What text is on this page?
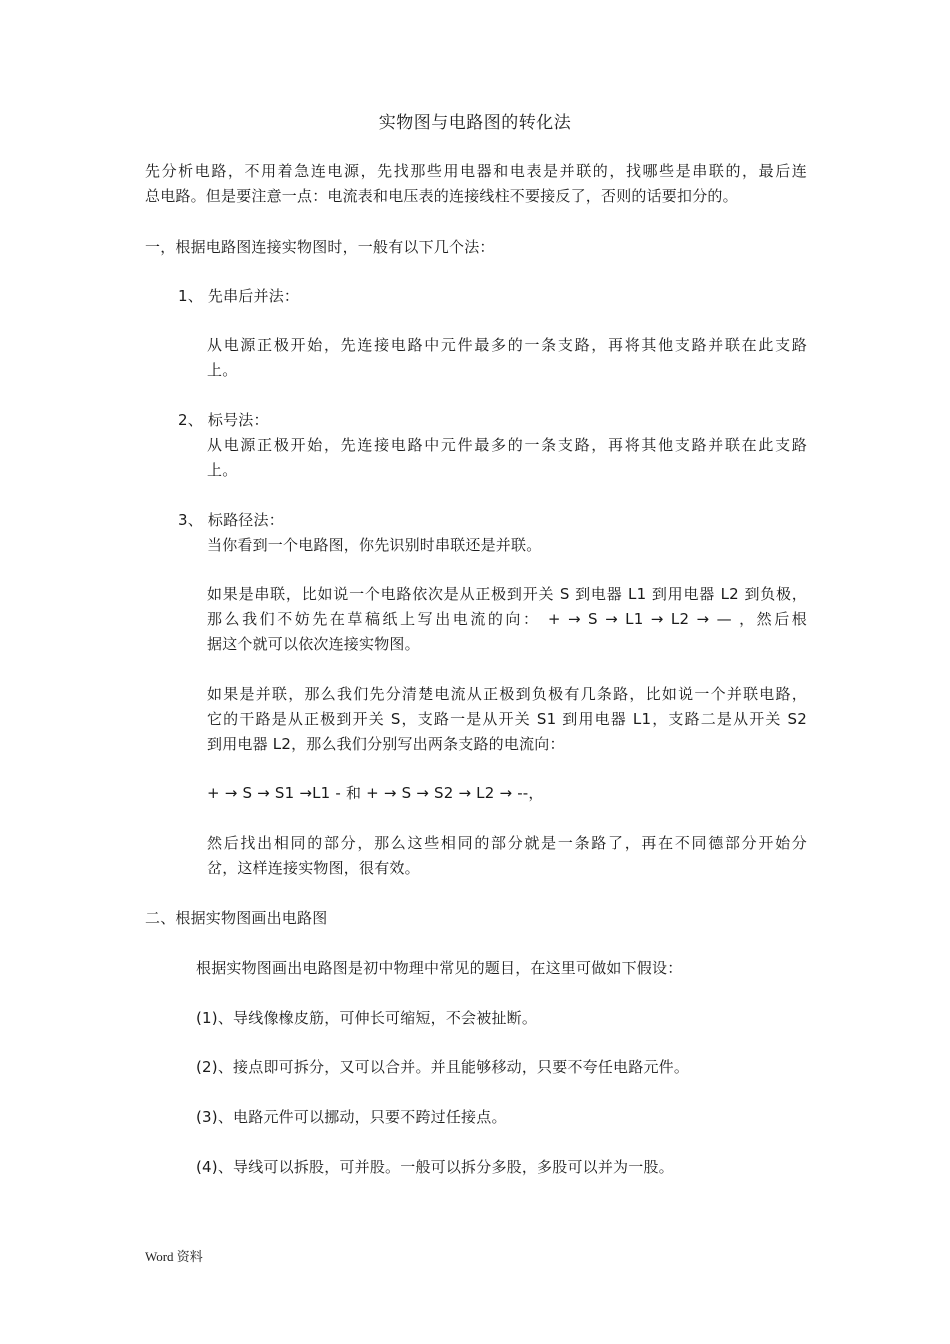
实物图与电路图的转化法
先分析电路，不用着急连电源，先找那些用电器和电表是并联的，找哪些是串联的，最后连
总电路。但是要注意一点：电流表和电压表的连接线柱不要接反了，否则的话要扣分的。
一，根据电路图连接实物图时，一般有以下几个法：
1、 先串后并法：
从电源正极开始，先连接电路中元件最多的一条支路，再将其他支路并联在此支路
上。
2、 标号法：
从电源正极开始，先连接电路中元件最多的一条支路，再将其他支路并联在此支路
上。
3、 标路径法：
当你看到一个电路图，你先识别时串联还是并联。
如果是串联，比如说一个电路依次是从正极到开关 S 到电器 L1 到用电器 L2 到负极，
那么我们不妨先在草稿纸上写出电流的向： + → S → L1 → L2 → — ，然后根
据这个就可以依次连接实物图。
如果是并联，那么我们先分清楚电流从正极到负极有几条路，比如说一个并联电路，
它的干路是从正极到开关 S，支路一是从开关 S1 到用电器 L1，支路二是从开关 S2
到用电器 L2，那么我们分别写出两条支路的电流向：
+ → S → S1 →L1 - 和 + → S → S2 → L2 → --，
然后找出相同的部分，那么这些相同的部分就是一条路了，再在不同德部分开始分
岔，这样连接实物图，很有效。
二、根据实物图画出电路图
根据实物图画出电路图是初中物理中常见的题目，在这里可做如下假设：
(1)、导线像橡皮筋，可伸长可缩短，不会被扯断。
(2)、接点即可拆分，又可以合并。并且能够移动，只要不夸任电路元件。
(3)、电路元件可以挪动，只要不跨过任接点。
(4)、导线可以拆股，可并股。一般可以拆分多股，多股可以并为一股。
Word 资料
